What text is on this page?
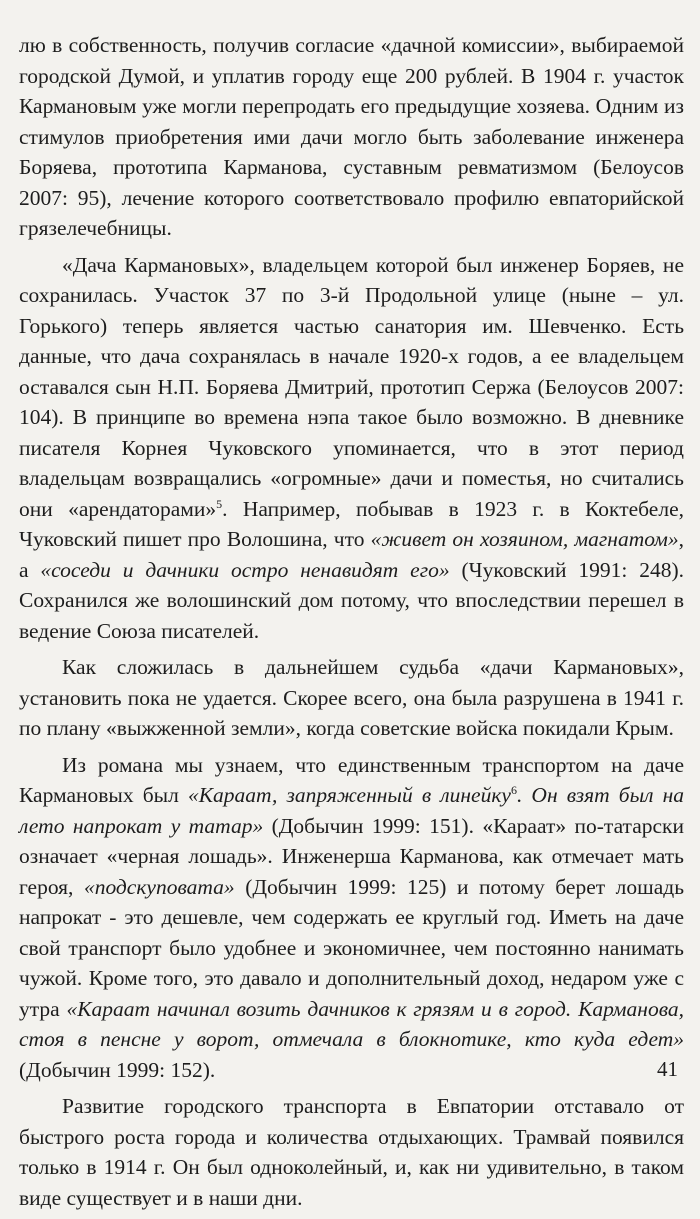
лю в собственность, получив согласие «дачной комиссии», выбираемой городской Думой, и уплатив городу еще 200 рублей. В 1904 г. участок Кармановым уже могли перепродать его предыдущие хозяева. Одним из стимулов приобретения ими дачи могло быть заболевание инженера Боряева, прототипа Карманова, суставным ревматизмом (Белоусов 2007: 95), лечение которого соответствовало профилю евпаторийской грязелечебницы.

«Дача Кармановых», владельцем которой был инженер Боряев, не сохранилась. Участок 37 по 3-й Продольной улице (ныне – ул. Горького) теперь является частью санатория им. Шевченко. Есть данные, что дача сохранялась в начале 1920-х годов, а ее владельцем оставался сын Н.П. Боряева Дмитрий, прототип Сержа (Белоусов 2007: 104). В принципе во времена нэпа такое было возможно. В дневнике писателя Корнея Чуковского упоминается, что в этот период владельцам возвращались «огромные» дачи и поместья, но считались они «арендаторами»$^5$. Например, побывав в 1923 г. в Коктебеле, Чуковский пишет про Волошина, что «живет он хозяином, магнатом», а «соседи и дачники остро ненавидят его» (Чуковский 1991: 248). Сохранился же волошинский дом потому, что впоследствии перешел в ведение Союза писателей.

Как сложилась в дальнейшем судьба «дачи Кармановых», установить пока не удается. Скорее всего, она была разрушена в 1941 г. по плану «выжженной земли», когда советские войска покидали Крым.

Из романа мы узнаем, что единственным транспортом на даче Кармановых был «Караат, запряженный в линейку$^6$. Он взят был на лето напрокат у татар» (Добычин 1999: 151). «Караат» по-татарски означает «черная лошадь». Инженерша Карманова, как отмечает мать героя, «подскуповата» (Добычин 1999: 125) и потому берет лошадь напрокат - это дешевле, чем содержать ее круглый год. Иметь на даче свой транспорт было удобнее и экономичнее, чем постоянно нанимать чужой. Кроме того, это давало и дополнительный доход, недаром уже с утра «Караат начинал возить дачников к грязям и в город. Карманова, стоя в пенсне у ворот, отмечала в блокнотике, кто куда едет» (Добычин 1999: 152).

Развитие городского транспорта в Евпатории отставало от быстрого роста города и количества отдыхающих. Трамвай появился только в 1914 г. Он был одноколейный, и, как ни удивительно, в таком виде существует и в наши дни.

41
